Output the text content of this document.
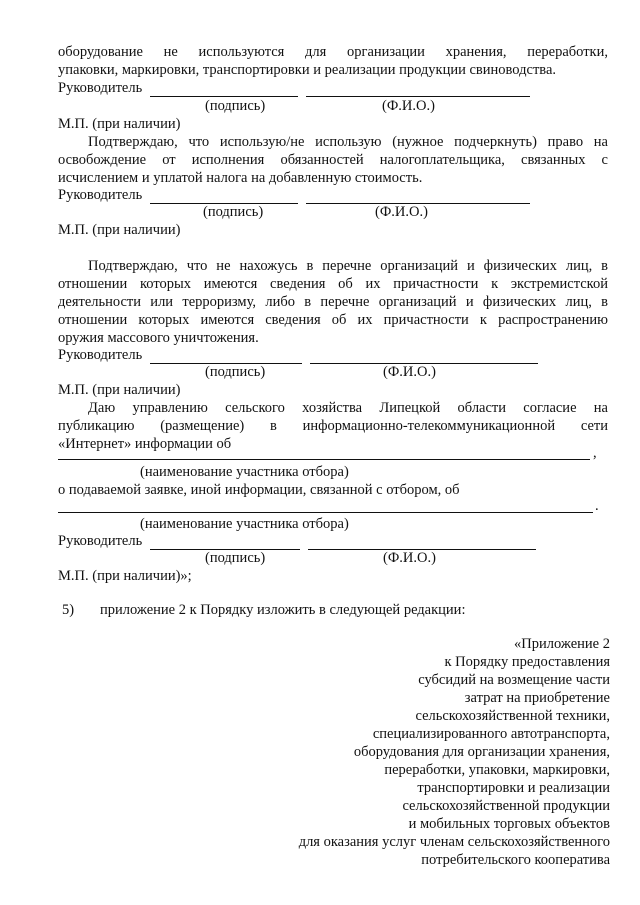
оборудование не используются для организации хранения, переработки,
упаковки, маркировки, транспортировки и реализации продукции свиноводства.
Руководитель
(подпись)	(Ф.И.О.)
М.П. (при наличии)
Подтверждаю, что использую/не использую (нужное подчеркнуть) право на
освобождение от исполнения обязанностей налогоплательщика, связанных с
исчислением и уплатой налога на добавленную стоимость.
Руководитель
(подпись)	(Ф.И.О.)
М.П. (при наличии)
Подтверждаю, что не нахожусь в перечне организаций и физических лиц, в
отношении которых имеются сведения об их причастности к экстремистской
деятельности или терроризму, либо в перечне организаций и физических лиц, в
отношении которых имеются сведения об их причастности к распространению
оружия массового уничтожения.
Руководитель
(подпись)	(Ф.И.О.)
М.П. (при наличии)
Даю управлению сельского хозяйства Липецкой области согласие на
публикацию (размещение) в информационно-телекоммуникационной сети
«Интернет» информации об
,
(наименование участника отбора)
о подаваемой заявке, иной информации, связанной с отбором, об
.
(наименование участника отбора)
Руководитель
(подпись)	(Ф.И.О.)
М.П. (при наличии)»;
5) приложение 2 к Порядку изложить в следующей редакции:
«Приложение 2
к Порядку предоставления
субсидий на возмещение части
затрат на приобретение
сельскохозяйственной техники,
специализированного автотранспорта,
оборудования для организации хранения,
переработки, упаковки, маркировки,
транспортировки и реализации
сельскохозяйственной продукции
и мобильных торговых объектов
для оказания услуг членам сельскохозяйственного
потребительского кооператива
